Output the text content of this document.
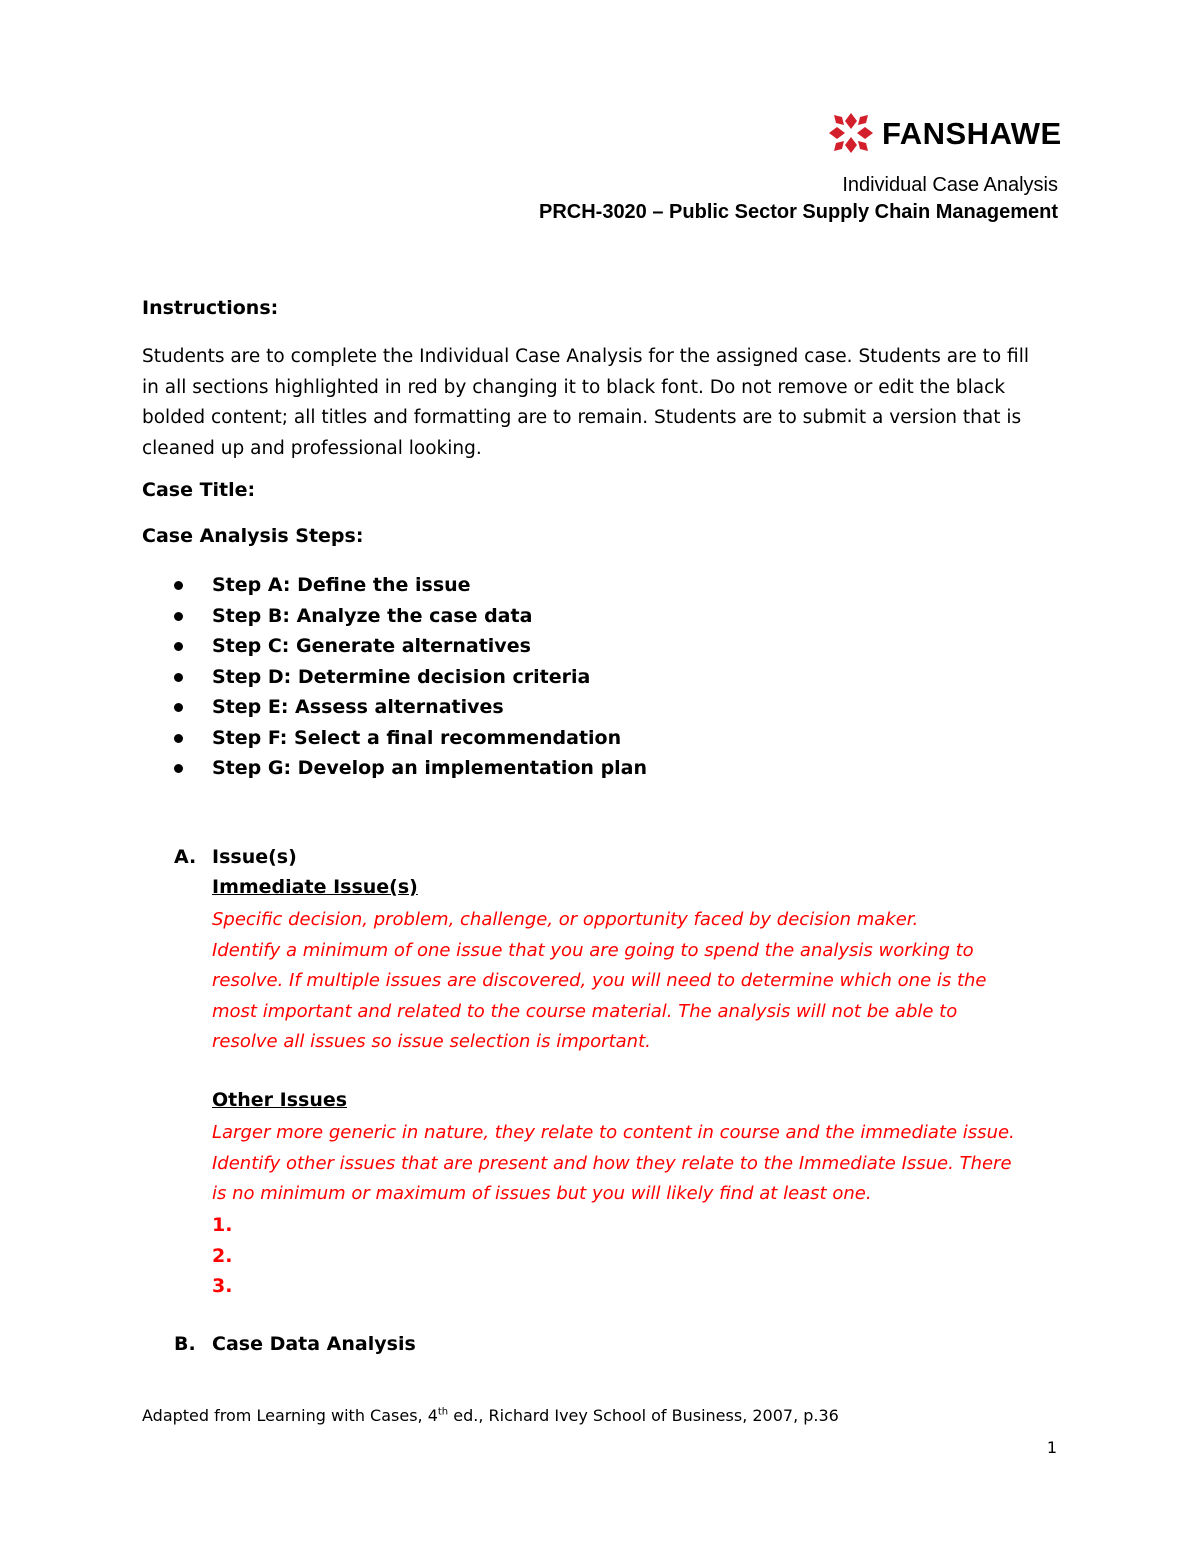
FANSHAWE
Individual Case Analysis
PRCH-3020 – Public Sector Supply Chain Management
Instructions:
Students are to complete the Individual Case Analysis for the assigned case. Students are to fill
in all sections highlighted in red by changing it to black font. Do not remove or edit the black
bolded content; all titles and formatting are to remain. Students are to submit a version that is
cleaned up and professional looking.
Case Title:
Case Analysis Steps:
Step A: Define the issue
Step B: Analyze the case data
Step C: Generate alternatives
Step D: Determine decision criteria
Step E: Assess alternatives
Step F: Select a final recommendation
Step G: Develop an implementation plan
A. Issue(s)
Immediate Issue(s)
Specific decision, problem, challenge, or opportunity faced by decision maker.
Identify a minimum of one issue that you are going to spend the analysis working to
resolve. If multiple issues are discovered, you will need to determine which one is the
most important and related to the course material. The analysis will not be able to
resolve all issues so issue selection is important.
Other Issues
Larger more generic in nature, they relate to content in course and the immediate issue.
Identify other issues that are present and how they relate to the Immediate Issue. There
is no minimum or maximum of issues but you will likely find at least one.
1.
2.
3.
B. Case Data Analysis
Adapted from Learning with Cases, 4th ed., Richard Ivey School of Business, 2007, p.36
1
